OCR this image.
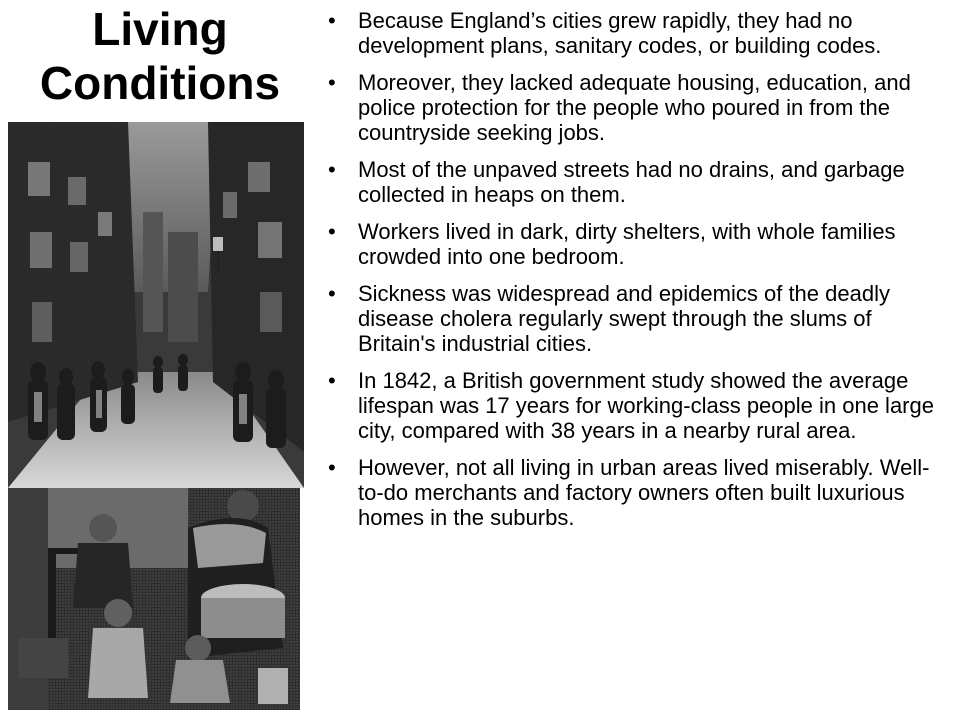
Living
Conditions
•	Because England’s cities grew rapidly, they had no development plans, sanitary codes, or building codes.
•	Moreover, they lacked adequate housing, education, and police protection for the people who poured in from the countryside seeking jobs.
•	Most of the unpaved streets had no drains, and garbage collected in heaps on them.
•	Workers lived in dark, dirty shelters, with whole families crowded into one bedroom.
•	Sickness was widespread and epidemics of the deadly disease cholera regularly swept through the slums of Britain's industrial cities.
•	In 1842, a British government study showed the average lifespan was 17 years for working-class people in one large city, compared with 38 years in a nearby rural area.
•	However, not all living in urban areas lived miserably. Well-to-do merchants and factory owners often built luxurious homes in the suburbs.
